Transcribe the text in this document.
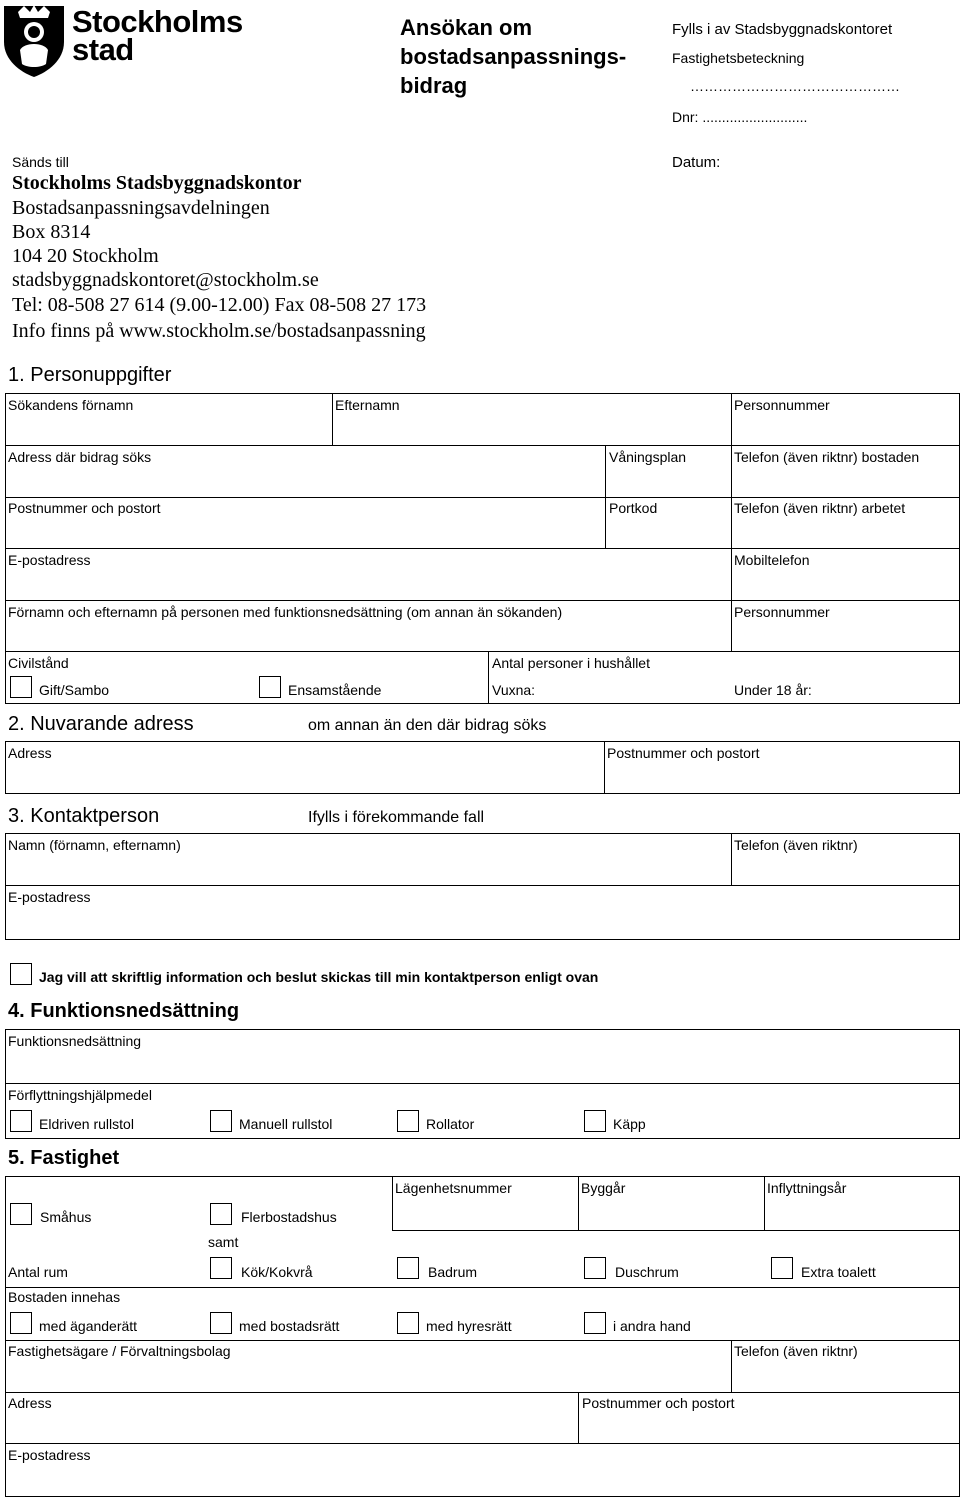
Stockholms
stad
Ansökan om
bostadsanpassnings-
bidrag
Fylls i av Stadsbyggnadskontoret
Fastighetsbeteckning
………………………………………
Dnr: ...........................
Datum:
Sänds till
Stockholms Stadsbyggnadskontor
Bostadsanpassningsavdelningen
Box 8314
104 20 Stockholm
stadsbyggnadskontoret@stockholm.se
Tel: 08-508 27 614 (9.00-12.00) Fax 08-508 27 173
Info finns på www.stockholm.se/bostadsanpassning
1. Personuppgifter
Sökandens förnamn	Efternamn	Personnummer
Adress där bidrag söks	Våningsplan	Telefon (även riktnr) bostaden
Postnummer och postort	Portkod	Telefon (även riktnr) arbetet
E-postadress	Mobiltelefon
Förnamn och efternamn på personen med funktionsnedsättning (om annan än sökanden)	Personnummer
Civilstånd
Gift/Sambo	Ensamstående
Antal personer i hushållet
Vuxna:	Under 18 år:
2. Nuvarande adress	om annan än den där bidrag söks
Adress	Postnummer och postort
3. Kontaktperson	Ifylls i förekommande fall
Namn (förnamn, efternamn)	Telefon (även riktnr)
E-postadress
Jag vill att skriftlig information och beslut skickas till min kontaktperson enligt ovan
4. Funktionsnedsättning
Funktionsnedsättning
Förflyttningshjälpmedel
Eldriven rullstol	Manuell rullstol	Rollator	Käpp
5. Fastighet
Lägenhetsnummer	Byggår	Inflyttningsår
Småhus	Flerbostadshus
samt
Antal rum	Kök/Kokvrå	Badrum	Duschrum	Extra toalett
Bostaden innehas
med äganderätt	med bostadsrätt	med hyresrätt	i andra hand
Fastighetsägare / Förvaltningsbolag	Telefon (även riktnr)
Adress	Postnummer och postort
E-postadress
